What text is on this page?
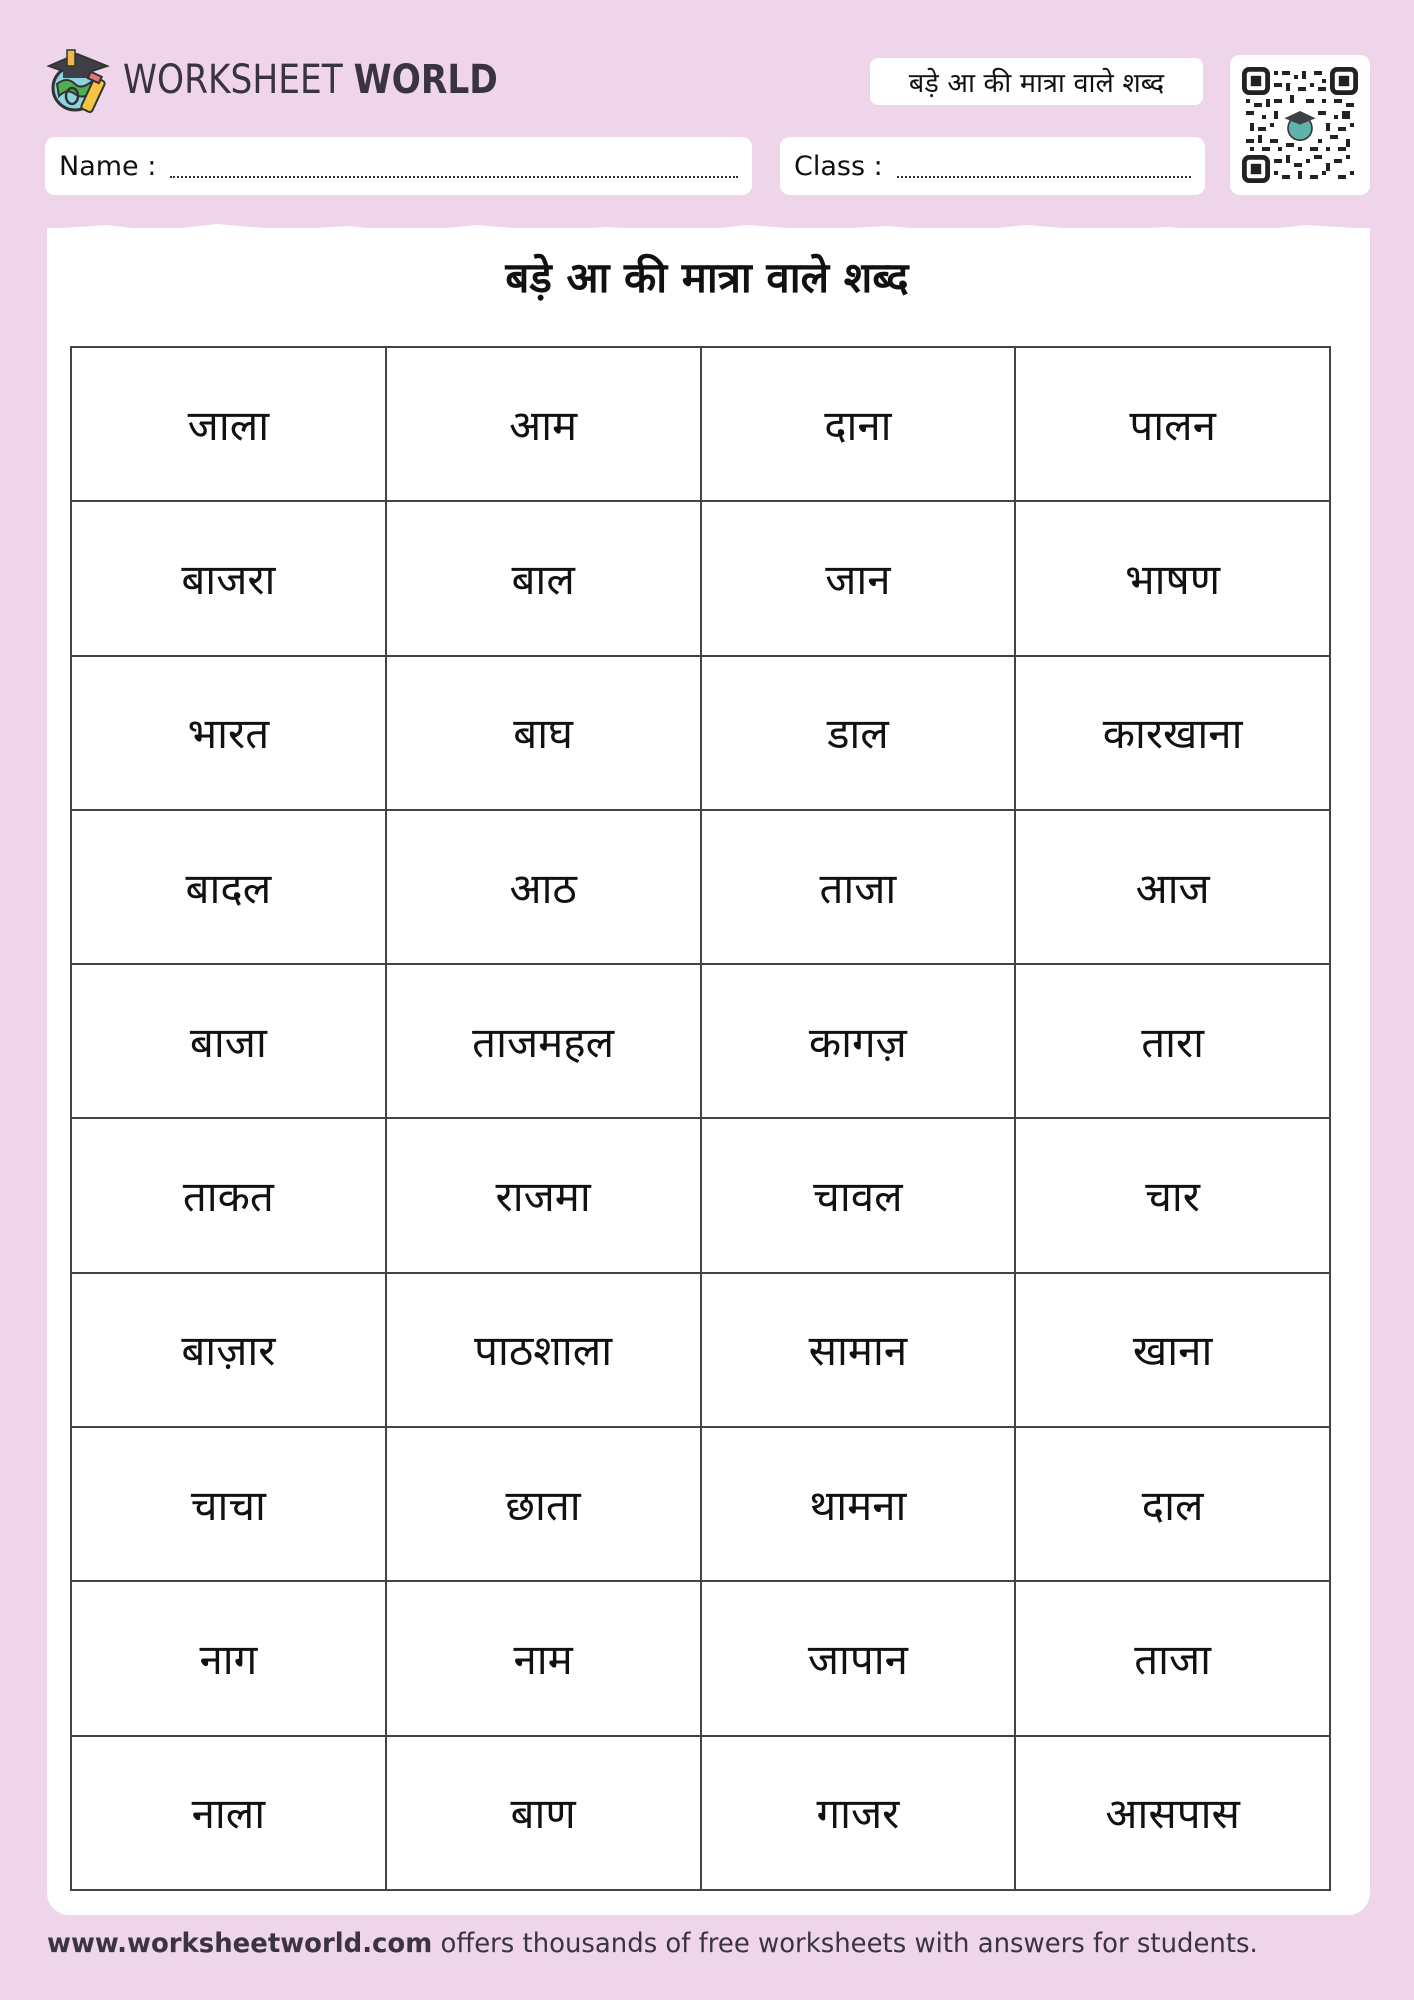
WORKSHEET WORLD	बड़े आ की मात्रा वाले शब्द
Name :	Class :
बड़े आ की मात्रा वाले शब्द
जाला	आम	दाना	पालन
बाजरा	बाल	जान	भाषण
भारत	बाघ	डाल	कारखाना
बादल	आठ	ताजा	आज
बाजा	ताजमहल	कागज़	तारा
ताकत	राजमा	चावल	चार
बाज़ार	पाठशाला	सामान	खाना
चाचा	छाता	थामना	दाल
नाग	नाम	जापान	ताजा
नाला	बाण	गाजर	आसपास
www.worksheetworld.com offers thousands of free worksheets with answers for students.
